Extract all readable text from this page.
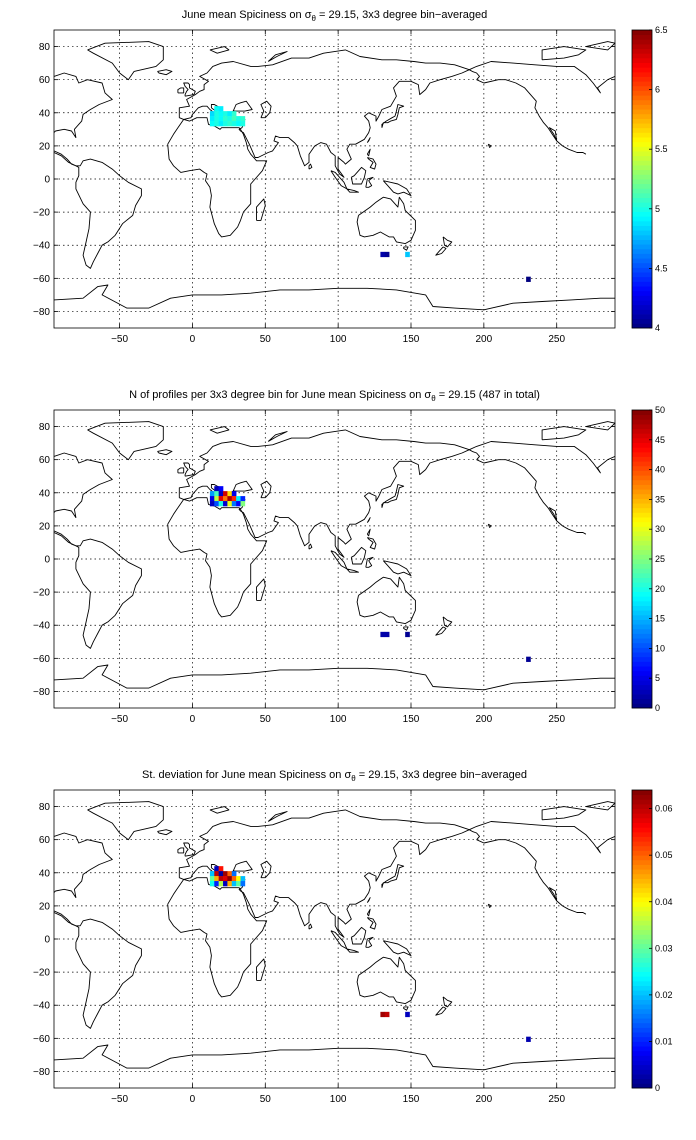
June mean Spiciness on $\sigma_\theta = 29.15$, 3x3 degree bin−averaged
−50	0	50	100	150	200	250
−80
−60
−40
−20
0
20
40
60
80
4
4.5
5
5.5
6
6.5
N of profiles per 3x3 degree bin for June mean Spiciness on $\sigma_\theta = 29.15$ (487 in total)
−50	0	50	100	150	200	250
−80
−60
−40
−20
0
20
40
60
80
0
5
10
15
20
25
30
35
40
45
50
St. deviation for June mean Spiciness on $\sigma_\theta = 29.15$, 3x3 degree bin−averaged
−50	0	50	100	150	200	250
−80
−60
−40
−20
0
20
40
60
80
0
0.01
0.02
0.03
0.04
0.05
0.06
